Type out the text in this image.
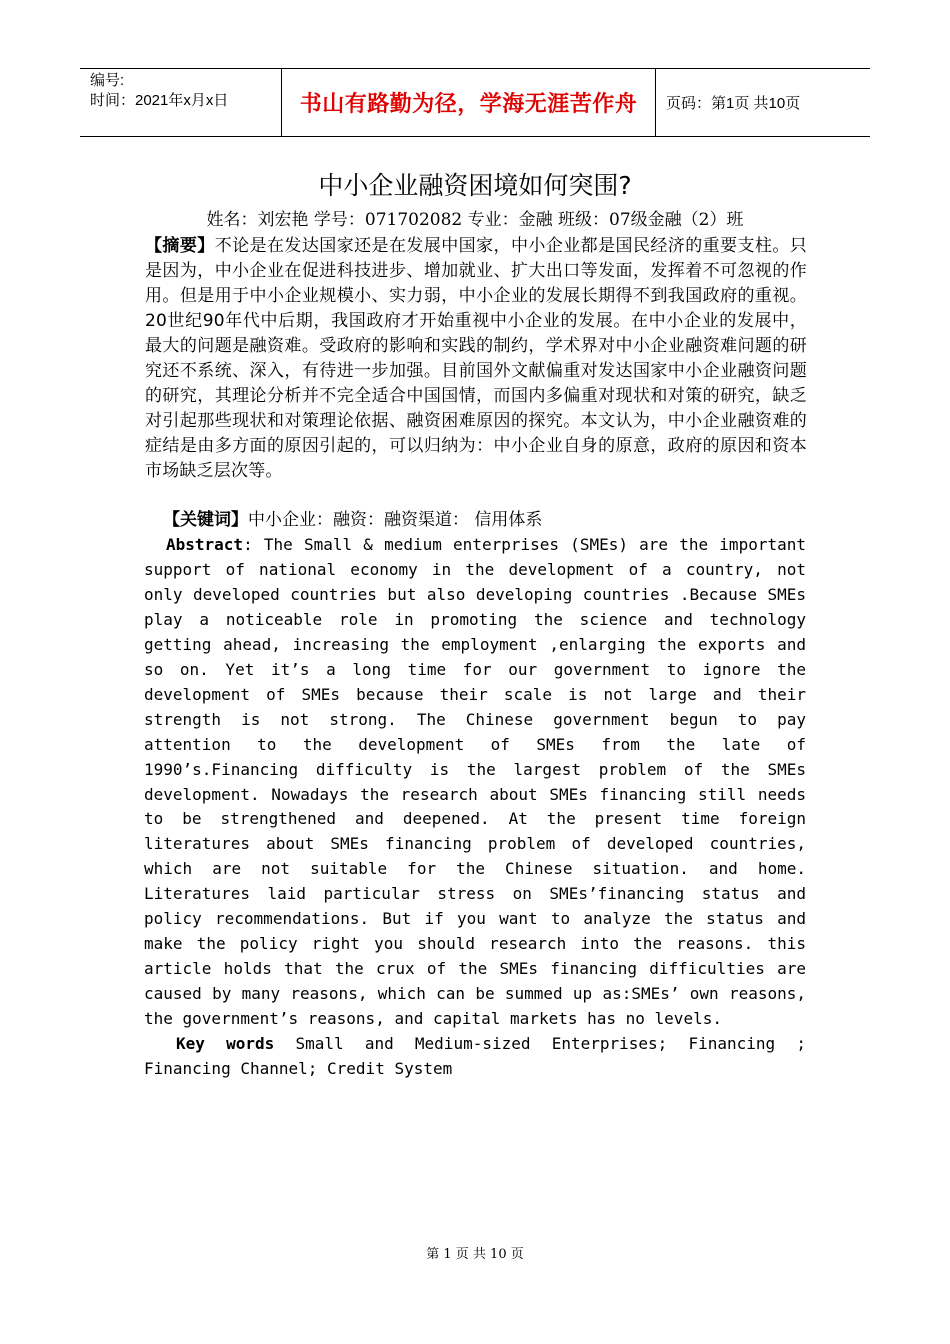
编号:
时间：2021年x月x日	书山有路勤为径，学海无涯苦作舟 页码：第1页 共10页
中小企业融资困境如何突围?
姓名：刘宏艳 学号：071702082 专业：金融 班级：07级金融（2）班

【摘要】不论是在发达国家还是在发展中国家，中小企业都是国民经济的重要支柱。只是因为，中小企业在促进科技进步、增加就业、扩大出口等发面，发挥着不可忽视的作用。但是用于中小企业规模小、实力弱，中小企业的发展长期得不到我国政府的重视。20世纪90年代中后期，我国政府才开始重视中小企业的发展。在中小企业的发展中，最大的问题是融资难。受政府的影响和实践的制约，学术界对中小企业融资难问题的研究还不系统、深入，有待进一步加强。目前国外文献偏重对发达国家中小企业融资问题的研究，其理论分析并不完全适合中国国情，而国内多偏重对现状和对策的研究，缺乏对引起那些现状和对策理论依据、融资困难原因的探究。本文认为，中小企业融资难的症结是由多方面的原因引起的，可以归纳为：中小企业自身的原意，政府的原因和资本市场缺乏层次等。

【关键词】中小企业：融资：融资渠道： 信用体系

Abstract: The Small & medium enterprises (SMEs) are the important support of national economy in the development of a country, not only developed countries but also developing countries .Because SMEs play a noticeable role in promoting the science and technology getting ahead, increasing the employment ,enlarging the exports and so on. Yet it’s a long time for our government to ignore the development of SMEs because their scale is not large and their strength is not strong. The Chinese government begun to pay attention to the development of SMEs from the late of 1990’s.Financing difficulty is the largest problem of the SMEs development. Nowadays the research about SMEs financing still needs to be strengthened and deepened. At the present time foreign literatures about SMEs financing problem of developed countries, which are not suitable for the Chinese situation. and home. Literatures laid particular stress on SMEs’financing status and policy recommendations. But if you want to analyze the status and make the policy right you should research into the reasons. this article holds that the crux of the SMEs financing difficulties are caused by many reasons, which can be summed up as:SMEs’ own reasons, the government’s reasons, and capital markets has no levels.

Key words Small and Medium-sized Enterprises; Financing ; Financing Channel; Credit System

第 1 页 共 10 页
